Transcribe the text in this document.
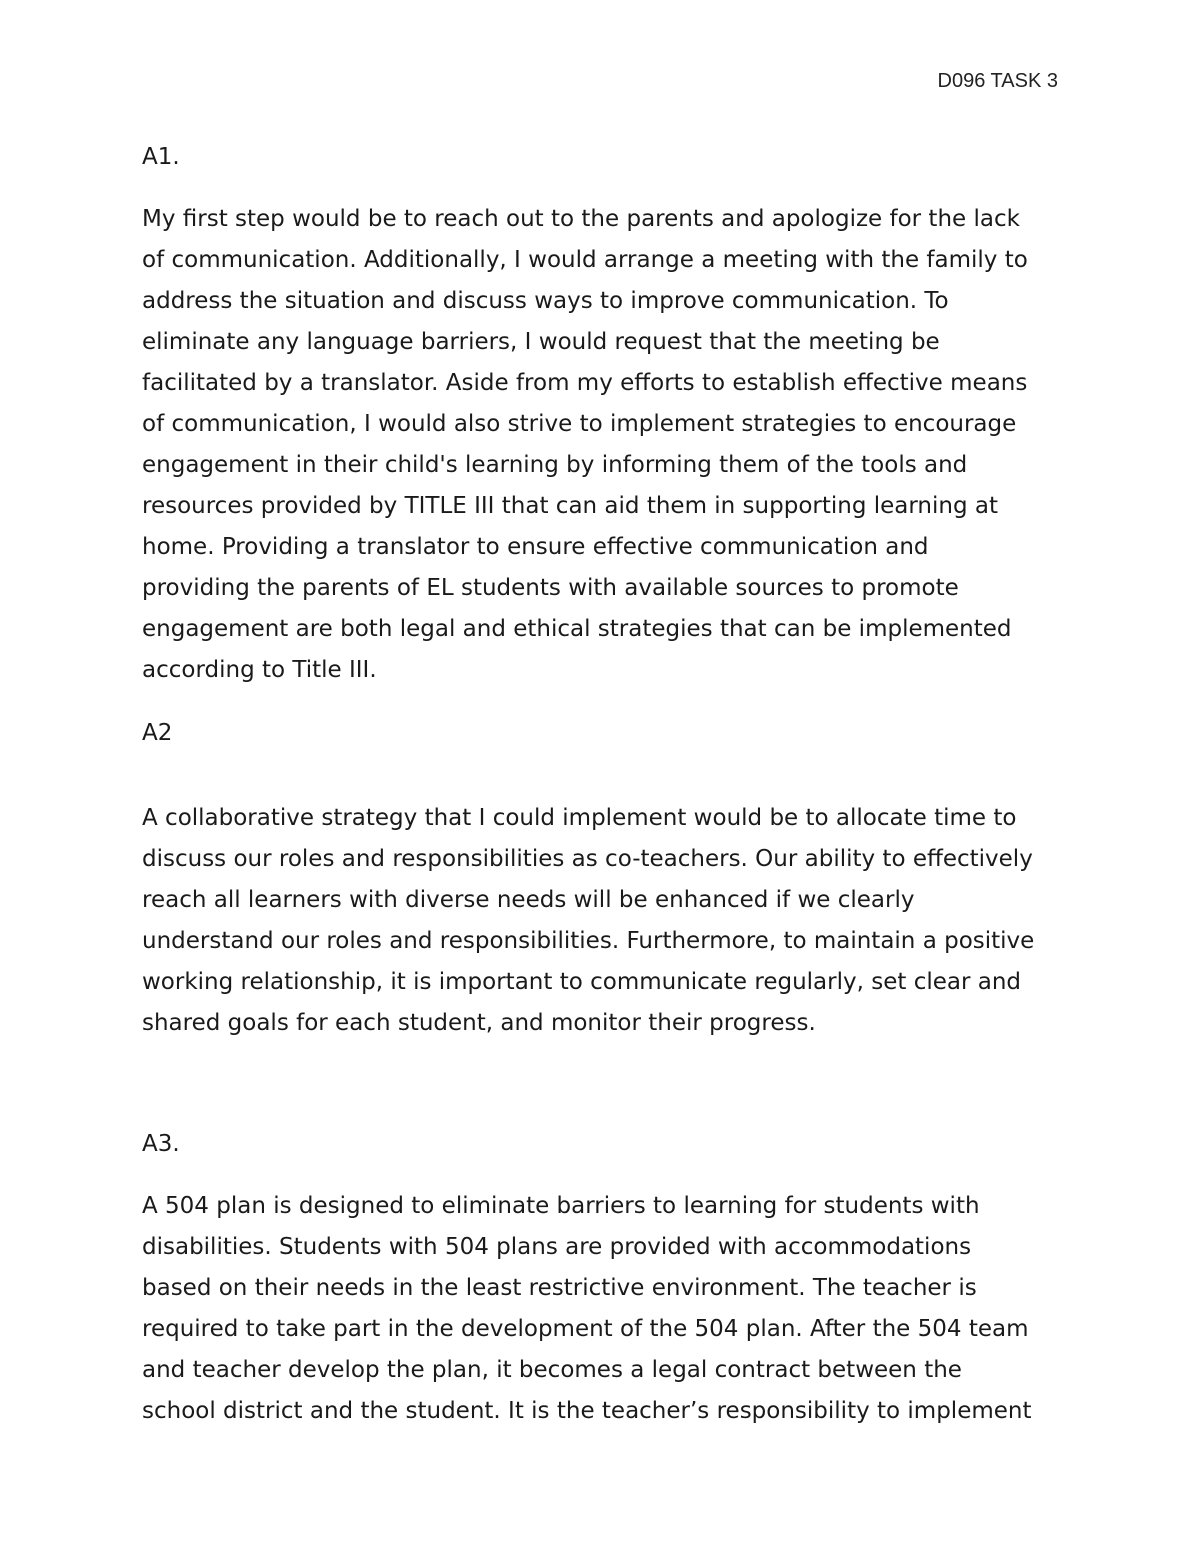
D096 TASK 3
A1.
My first step would be to reach out to the parents and apologize for the lack
of communication. Additionally, I would arrange a meeting with the family to
address the situation and discuss ways to improve communication. To
eliminate any language barriers, I would request that the meeting be
facilitated by a translator. Aside from my efforts to establish effective means
of communication, I would also strive to implement strategies to encourage
engagement in their child's learning by informing them of the tools and
resources provided by TITLE III that can aid them in supporting learning at
home. Providing a translator to ensure effective communication and
providing the parents of EL students with available sources to promote
engagement are both legal and ethical strategies that can be implemented
according to Title III.
A2
A collaborative strategy that I could implement would be to allocate time to
discuss our roles and responsibilities as co-teachers. Our ability to effectively
reach all learners with diverse needs will be enhanced if we clearly
understand our roles and responsibilities. Furthermore, to maintain a positive
working relationship, it is important to communicate regularly, set clear and
shared goals for each student, and monitor their progress.
A3.
A 504 plan is designed to eliminate barriers to learning for students with
disabilities. Students with 504 plans are provided with accommodations
based on their needs in the least restrictive environment. The teacher is
required to take part in the development of the 504 plan. After the 504 team
and teacher develop the plan, it becomes a legal contract between the
school district and the student. It is the teacher’s responsibility to implement
